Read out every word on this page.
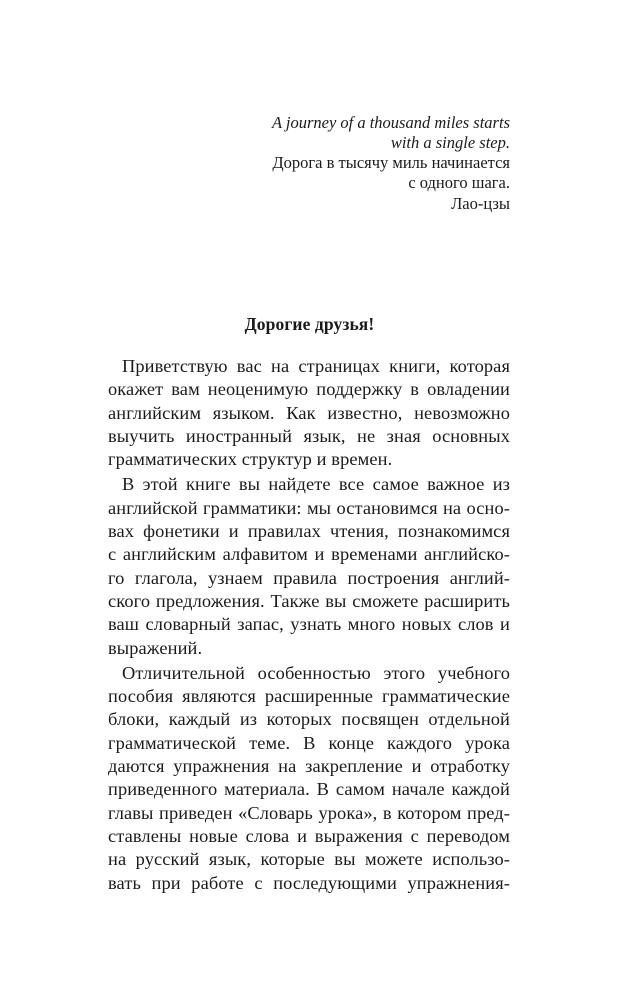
A journey of a thousand miles starts
with a single step.
Дорога в тысячу миль начинается
с одного шага.
Лао-цзы
Дорогие друзья!
Приветствую вас на страницах книги, которая
окажет вам неоценимую поддержку в овладении
английским языком. Как известно, невозможно
выучить иностранный язык, не зная основных
грамматических структур и времен.
В этой книге вы найдете все самое важное из
английской грамматики: мы остановимся на осно-
вах фонетики и правилах чтения, познакомимся
с английским алфавитом и временами английско-
го глагола, узнаем правила построения англий-
ского предложения. Также вы сможете расширить
ваш словарный запас, узнать много новых слов и
выражений.
Отличительной особенностью этого учебного
пособия являются расширенные грамматические
блоки, каждый из которых посвящен отдельной
грамматической теме. В конце каждого урока
даются упражнения на закрепление и отработку
приведенного материала. В самом начале каждой
главы приведен «Словарь урока», в котором пред-
ставлены новые слова и выражения с переводом
на русский язык, которые вы можете использо-
вать при работе с последующими упражнения-
